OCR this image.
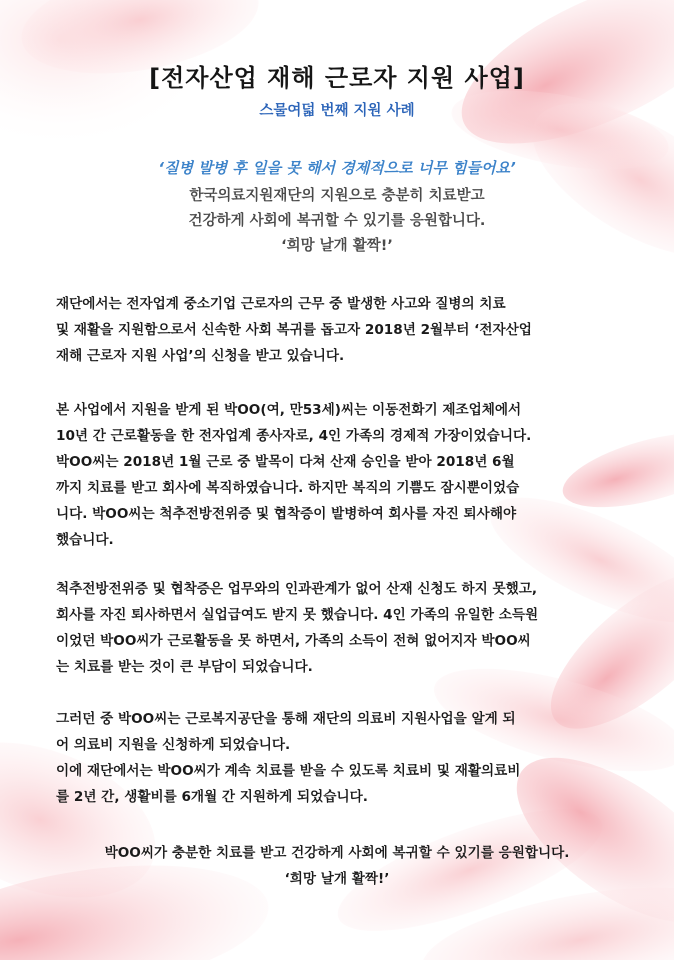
[전자산업 재해 근로자 지원 사업]
스물여덟 번째 지원 사례
‘질병 발병 후 일을 못 해서 경제적으로 너무 힘들어요’
한국의료지원재단의 지원으로 충분히 치료받고
건강하게 사회에 복귀할 수 있기를 응원합니다.
‘희망 날개 활짝!’
재단에서는 전자업계 중소기업 근로자의 근무 중 발생한 사고와 질병의 치료
및 재활을 지원함으로서 신속한 사회 복귀를 돕고자 2018년 2월부터 ‘전자산업
재해 근로자 지원 사업’의 신청을 받고 있습니다.
본 사업에서 지원을 받게 된 박OO(여, 만53세)씨는 이동전화기 제조업체에서
10년 간 근로활동을 한 전자업계 종사자로, 4인 가족의 경제적 가장이었습니다.
박OO씨는 2018년 1월 근로 중 발목이 다쳐 산재 승인을 받아 2018년 6월
까지 치료를 받고 회사에 복직하였습니다. 하지만 복직의 기쁨도 잠시뿐이었습
니다. 박OO씨는 척추전방전위증 및 협착증이 발병하여 회사를 자진 퇴사해야
했습니다.
척추전방전위증 및 협착증은 업무와의 인과관계가 없어 산재 신청도 하지 못했고,
회사를 자진 퇴사하면서 실업급여도 받지 못 했습니다. 4인 가족의 유일한 소득원
이었던 박OO씨가 근로활동을 못 하면서, 가족의 소득이 전혀 없어지자 박OO씨
는 치료를 받는 것이 큰 부담이 되었습니다.
그러던 중 박OO씨는 근로복지공단을 통해 재단의 의료비 지원사업을 알게 되
어 의료비 지원을 신청하게 되었습니다.
이에 재단에서는 박OO씨가 계속 치료를 받을 수 있도록 치료비 및 재활의료비
를 2년 간, 생활비를 6개월 간 지원하게 되었습니다.
박OO씨가 충분한 치료를 받고 건강하게 사회에 복귀할 수 있기를 응원합니다.
‘희망 날개 활짝!’
